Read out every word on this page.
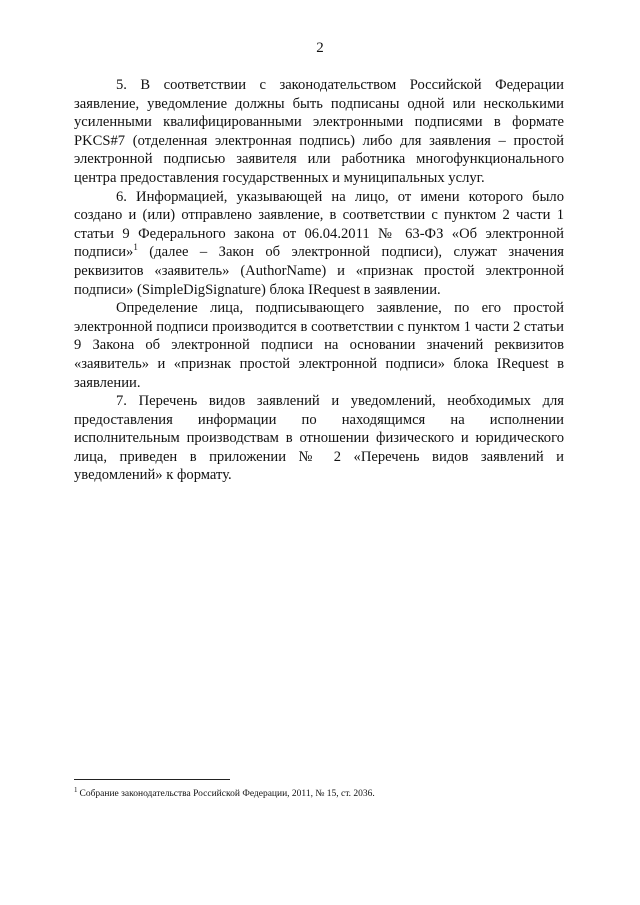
2

5. В соответствии с законодательством Российской Федерации заявление, уведомление должны быть подписаны одной или несколькими усиленными квалифицированными электронными подписями в формате PKCS#7 (отделенная электронная подпись) либо для заявления – простой электронной подписью заявителя или работника многофункционального центра предоставления государственных и муниципальных услуг.

6. Информацией, указывающей на лицо, от имени которого было создано и (или) отправлено заявление, в соответствии с пунктом 2 части 1 статьи 9 Федерального закона от 06.04.2011 № 63-ФЗ «Об электронной подписи»$^1$ (далее – Закон об электронной подписи), служат значения реквизитов «заявитель» (AuthorName) и «признак простой электронной подписи» (SimpleDigSignature) блока IRequest в заявлении.

Определение лица, подписывающего заявление, по его простой электронной подписи производится в соответствии с пунктом 1 части 2 статьи 9 Закона об электронной подписи на основании значений реквизитов «заявитель» и «признак простой электронной подписи» блока IRequest в заявлении.

7. Перечень видов заявлений и уведомлений, необходимых для предоставления информации по находящимся на исполнении исполнительным производствам в отношении физического и юридического лица, приведен в приложении № 2 «Перечень видов заявлений и уведомлений» к формату.

$^1$ Собрание законодательства Российской Федерации, 2011, № 15, ст. 2036.
